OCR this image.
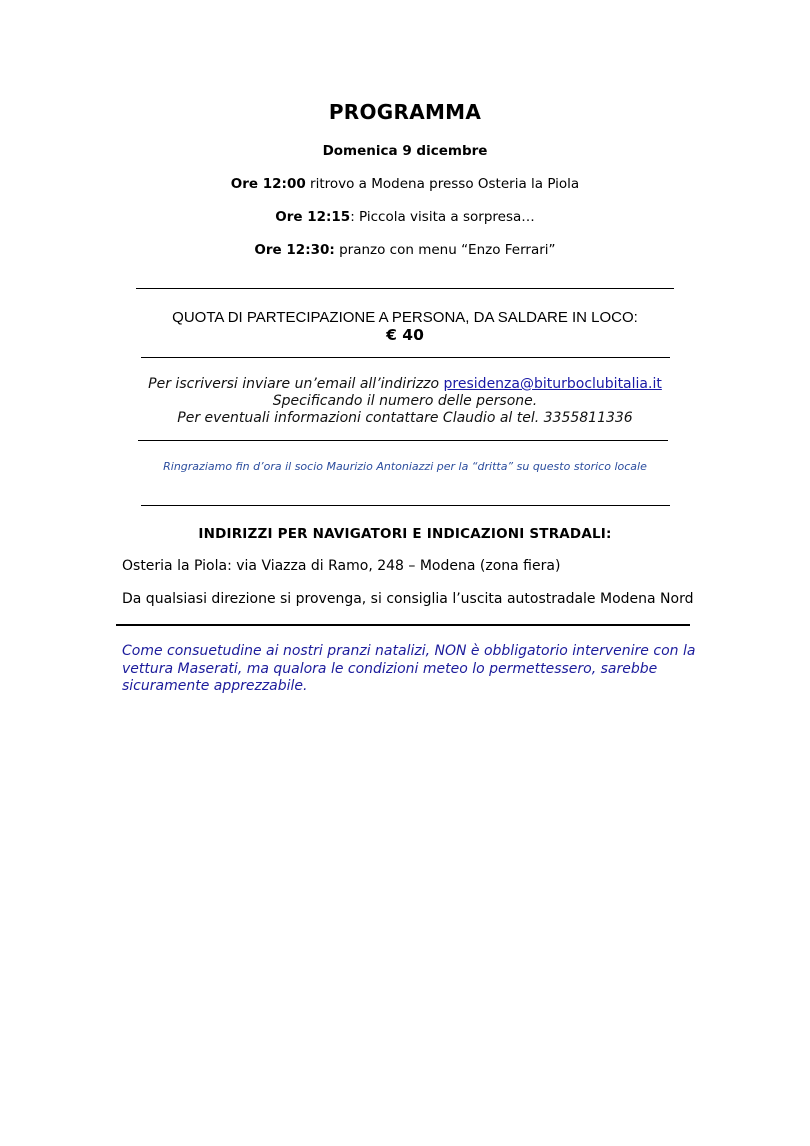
PROGRAMMA
Domenica 9 dicembre
Ore 12:00 ritrovo a Modena presso Osteria la Piola
Ore 12:15: Piccola visita a sorpresa…
Ore 12:30: pranzo con menu “Enzo Ferrari”
QUOTA DI PARTECIPAZIONE A PERSONA, DA SALDARE IN LOCO:
€ 40
Per iscriversi inviare un’email all’indirizzo presidenza@biturboclubitalia.it
Specificando il numero delle persone.
Per eventuali informazioni contattare Claudio al tel. 3355811336
Ringraziamo fin d’ora il socio Maurizio Antoniazzi per la “dritta” su questo storico locale
INDIRIZZI PER NAVIGATORI E INDICAZIONI STRADALI:
Osteria la Piola: via Viazza di Ramo, 248 – Modena (zona fiera)
Da qualsiasi direzione si provenga, si consiglia l’uscita autostradale Modena Nord
Come consuetudine ai nostri pranzi natalizi, NON è obbligatorio intervenire con la
vettura Maserati, ma qualora le condizioni meteo lo permettessero, sarebbe
sicuramente apprezzabile.
